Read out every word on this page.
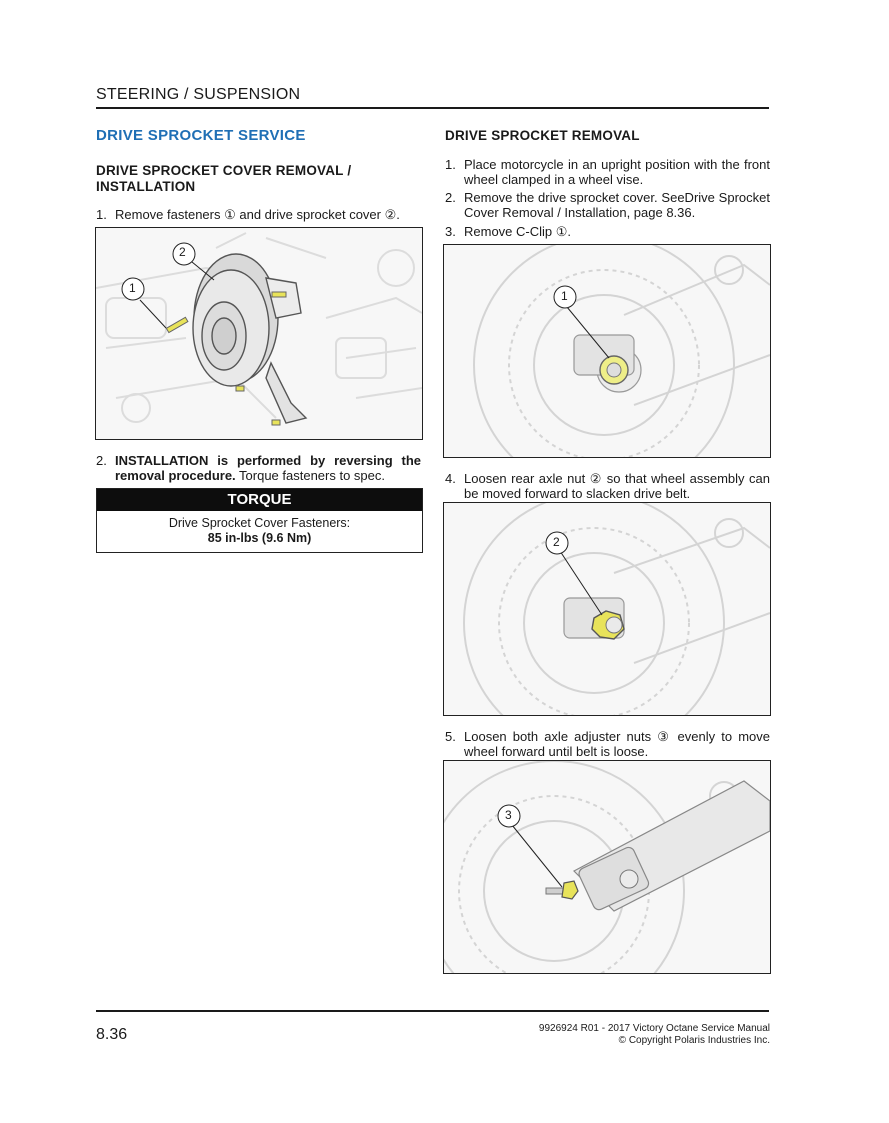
STEERING / SUSPENSION
DRIVE SPROCKET SERVICE
DRIVE SPROCKET COVER REMOVAL / INSTALLATION
1. Remove fasteners ① and drive sprocket cover ②.
2
1
2. INSTALLATION is performed by reversing the removal procedure. Torque fasteners to spec.
TORQUE
Drive Sprocket Cover Fasteners:
85 in-lbs (9.6 Nm)
DRIVE SPROCKET REMOVAL
1. Place motorcycle in an upright position with the front wheel clamped in a wheel vise.
2. Remove the drive sprocket cover. SeeDrive Sprocket Cover Removal / Installation, page 8.36.
3. Remove C-Clip ①.
1
4. Loosen rear axle nut ② so that wheel assembly can be moved forward to slacken drive belt.
2
5. Loosen both axle adjuster nuts ③ evenly to move wheel forward until belt is loose.
3
8.36	9926924 R01 - 2017 Victory Octane Service Manual
© Copyright Polaris Industries Inc.
